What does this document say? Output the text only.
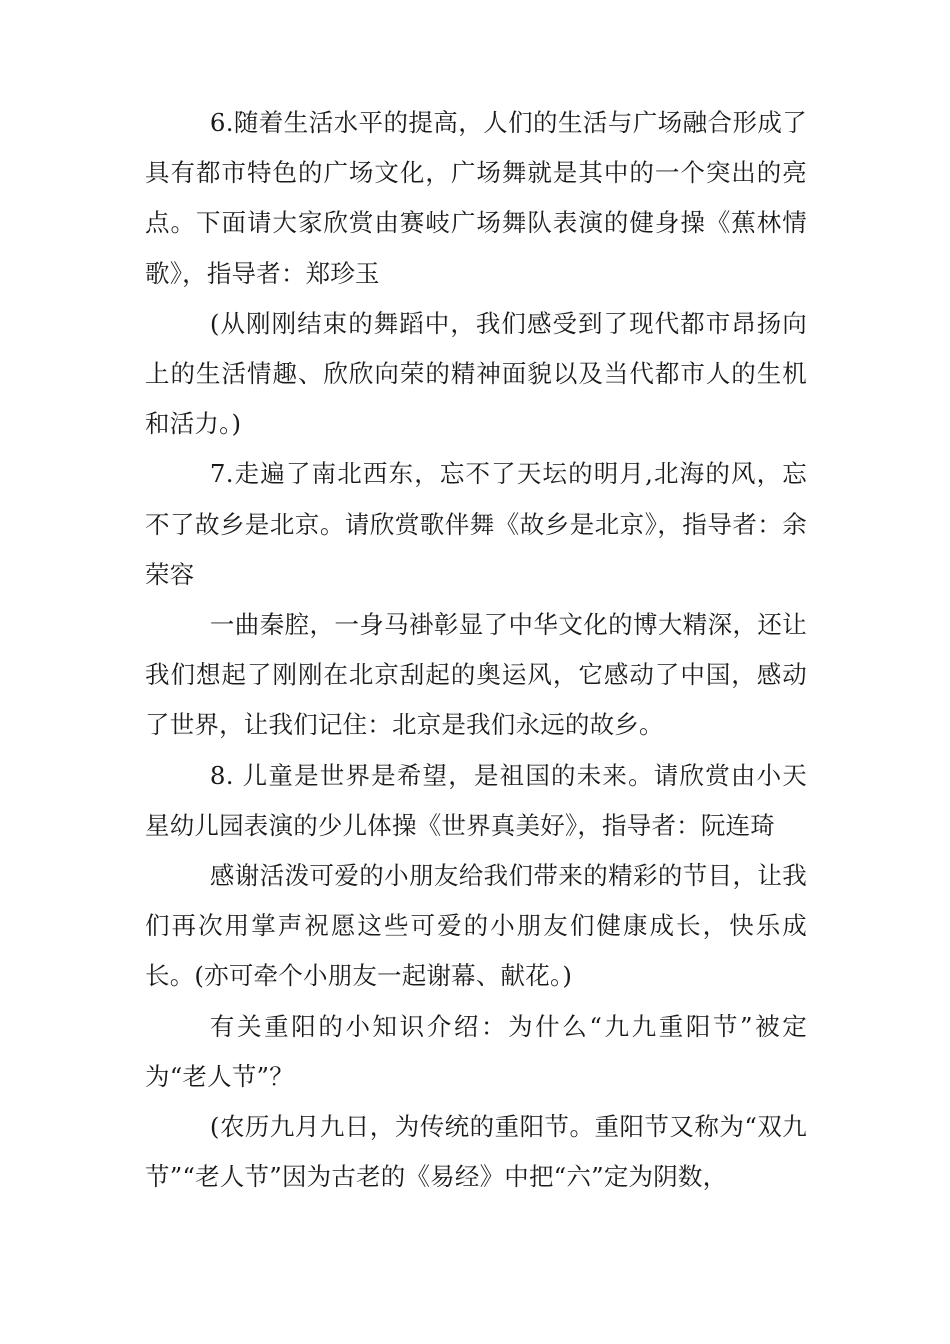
6.随着生活水平的提高，人们的生活与广场融合形成了具有都市特色的广场文化，广场舞就是其中的一个突出的亮点。下面请大家欣赏由赛岐广场舞队表演的健身操《蕉林情歌》，指导者：郑珍玉

(从刚刚结束的舞蹈中，我们感受到了现代都市昂扬向上的生活情趣、欣欣向荣的精神面貌以及当代都市人的生机和活力。)

7.走遍了南北西东，忘不了天坛的明月,北海的风，忘不了故乡是北京。请欣赏歌伴舞《故乡是北京》，指导者：余荣容

一曲秦腔，一身马褂彰显了中华文化的博大精深，还让我们想起了刚刚在北京刮起的奥运风，它感动了中国，感动了世界，让我们记住：北京是我们永远的故乡。

8. 儿童是世界是希望，是祖国的未来。请欣赏由小天星幼儿园表演的少儿体操《世界真美好》，指导者：阮连琦

感谢活泼可爱的小朋友给我们带来的精彩的节目，让我们再次用掌声祝愿这些可爱的小朋友们健康成长，快乐成长。(亦可牵个小朋友一起谢幕、献花。)

有关重阳的小知识介绍：为什么“九九重阳节”被定为“老人节”？

(农历九月九日，为传统的重阳节。重阳节又称为“双九节”“老人节”因为古老的《易经》中把“六”定为阴数，
